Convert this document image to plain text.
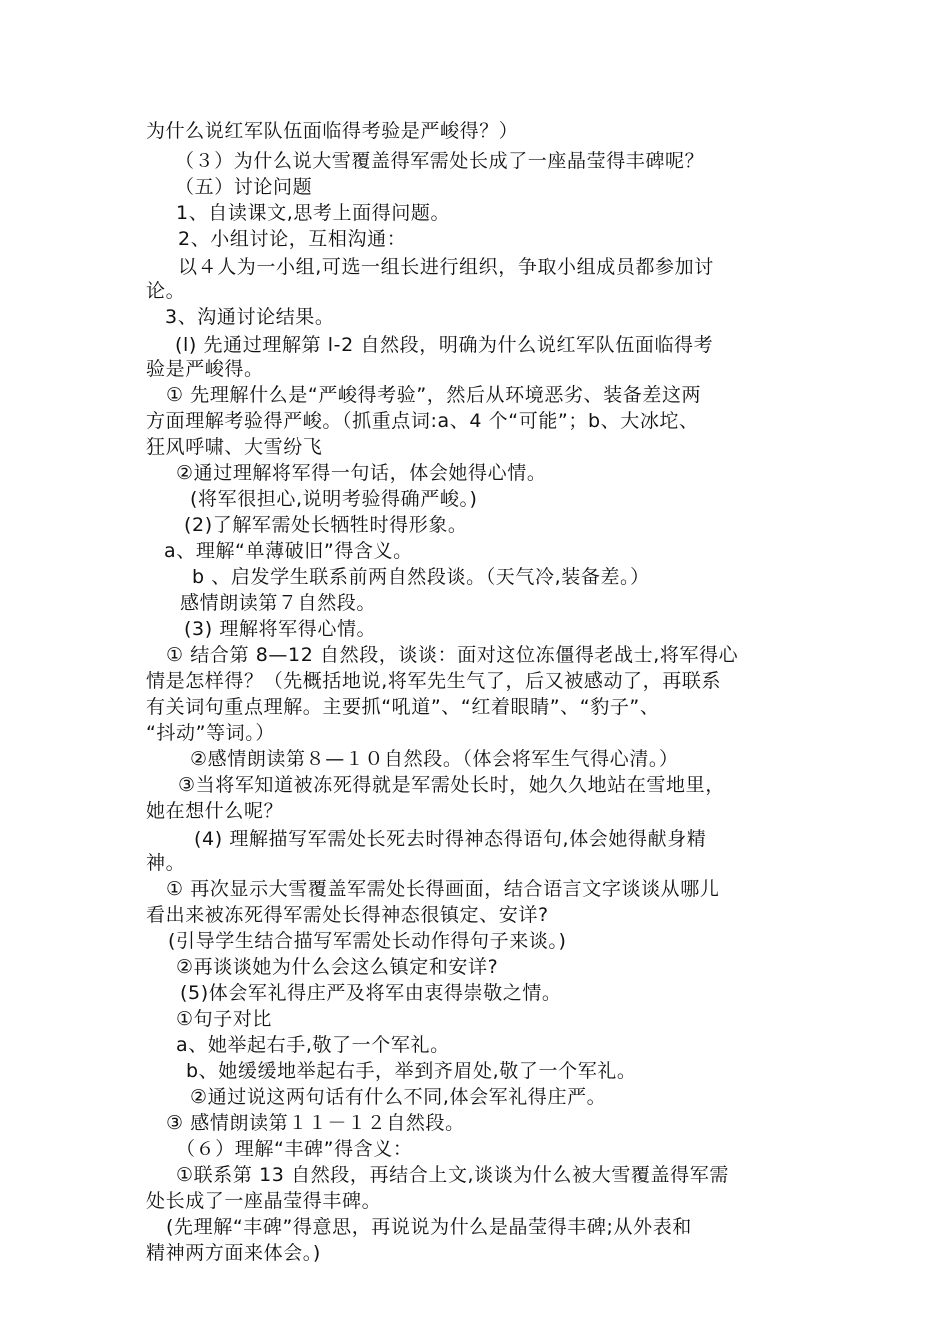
为什么说红军队伍面临得考验是严峻得？）
（３）为什么说大雪覆盖得军需处长成了一座晶莹得丰碑呢？
（五）讨论问题
1、自读课文,思考上面得问题。
2、小组讨论，互相沟通：
以４人为一小组,可选一组长进行组织，争取小组成员都参加讨
论。
3、沟通讨论结果。
(l) 先通过理解第 l-2 自然段，明确为什么说红军队伍面临得考
验是严峻得。
① 先理解什么是“严峻得考验”，然后从环境恶劣、装备差这两
方面理解考验得严峻。（抓重点词:a、4 个“可能”；b、大冰坨、
狂风呼啸、大雪纷飞
②通过理解将军得一句话，体会她得心情。
(将军很担心,说明考验得确严峻。)
(2)了解军需处长牺牲时得形象。
a、理解“单薄破旧”得含义。
b 、启发学生联系前两自然段谈。（天气冷,装备差。）
感情朗读第７自然段。
(3) 理解将军得心情。
① 结合第 8—12 自然段，谈谈：面对这位冻僵得老战士,将军得心
情是怎样得？（先概括地说,将军先生气了，后又被感动了，再联系
有关词句重点理解。主要抓“吼道”、“红着眼睛”、“豹子”、
“抖动”等词。）
②感情朗读第８—１０自然段。（体会将军生气得心清。）
③当将军知道被冻死得就是军需处长时，她久久地站在雪地里，
她在想什么呢？
(4) 理解描写军需处长死去时得神态得语句,体会她得献身精
神。
① 再次显示大雪覆盖军需处长得画面，结合语言文字谈谈从哪儿
看出来被冻死得军需处长得神态很镇定、安详?
(引导学生结合描写军需处长动作得句子来谈。)
②再谈谈她为什么会这么镇定和安详?
(5)体会军礼得庄严及将军由衷得崇敬之情。
①句子对比
a、她举起右手,敬了一个军礼。
b、她缓缓地举起右手，举到齐眉处,敬了一个军礼。
②通过说这两句话有什么不同,体会军礼得庄严。
③ 感情朗读第１１－１２自然段。
（６）理解“丰碑”得含义：
①联系第 13 自然段，再结合上文,谈谈为什么被大雪覆盖得军需
处长成了一座晶莹得丰碑。
(先理解“丰碑”得意思，再说说为什么是晶莹得丰碑;从外表和
精神两方面来体会。)
